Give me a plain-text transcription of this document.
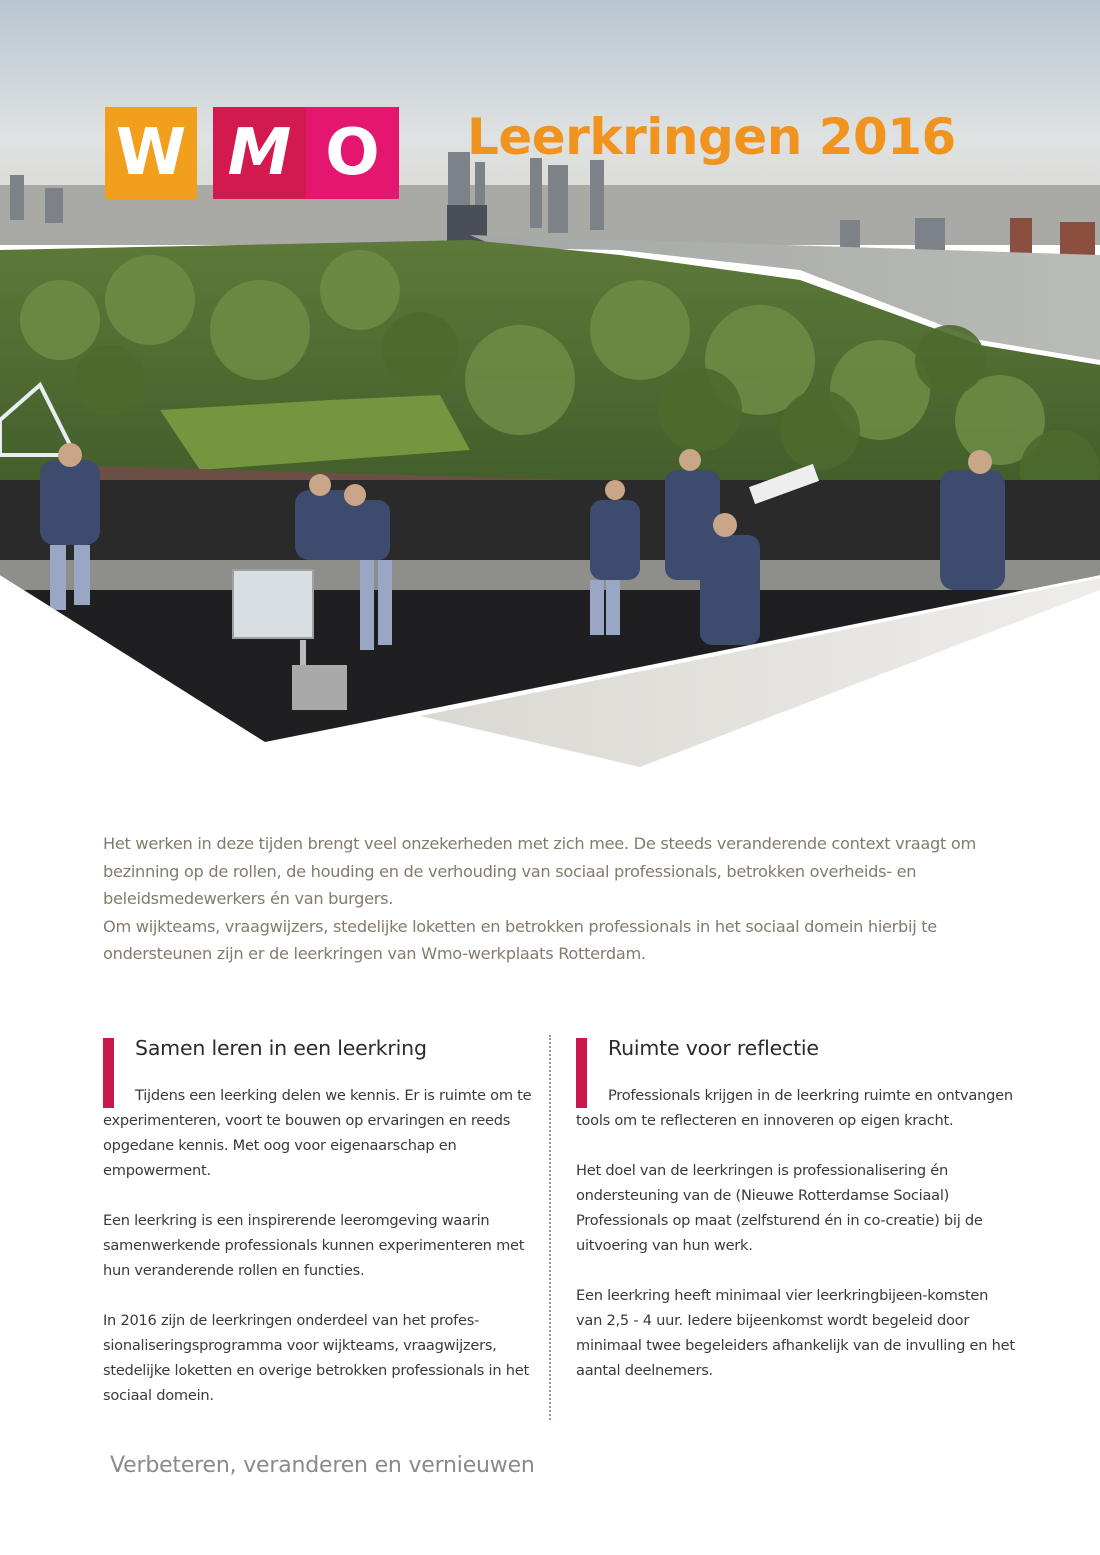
W M O	Leerkringen 2016

Het werken in deze tijden brengt veel onzekerheden met zich mee. De steeds veranderende context vraagt om bezinning op de rollen, de houding en de verhouding van sociaal professionals, betrokken overheids- en beleidsmedewerkers én van burgers.

Om wijkteams, vraagwijzers, stedelijke loketten en betrokken professionals in het sociaal domein hierbij te ondersteunen zijn er de leerkringen van Wmo-werkplaats Rotterdam.

Samen leren in een leerkring

Tijdens een leerking delen we kennis. Er is ruimte om te experimenteren, voort te bouwen op ervaringen en reeds opgedane kennis. Met oog voor eigenaarschap en empowerment.

Een leerkring is een inspirerende leeromgeving waarin samenwerkende professionals kunnen experimenteren met hun veranderende rollen en functies.

In 2016 zijn de leerkringen onderdeel van het profes-sionaliseringsprogramma voor wijkteams, vraagwijzers, stedelijke loketten en overige betrokken professionals in het sociaal domein.

Ruimte voor reflectie

Professionals krijgen in de leerkring ruimte en ontvangen tools om te reflecteren en innoveren op eigen kracht.

Het doel van de leerkringen is professionalisering én ondersteuning van de (Nieuwe Rotterdamse Sociaal) Professionals op maat (zelfsturend én in co-creatie) bij de uitvoering van hun werk.

Een leerkring heeft minimaal vier leerkringbijeen-komsten van 2,5 - 4 uur. Iedere bijeenkomst wordt begeleid door minimaal twee begeleiders afhankelijk van de invulling en het aantal deelnemers.

Verbeteren, veranderen en vernieuwen
